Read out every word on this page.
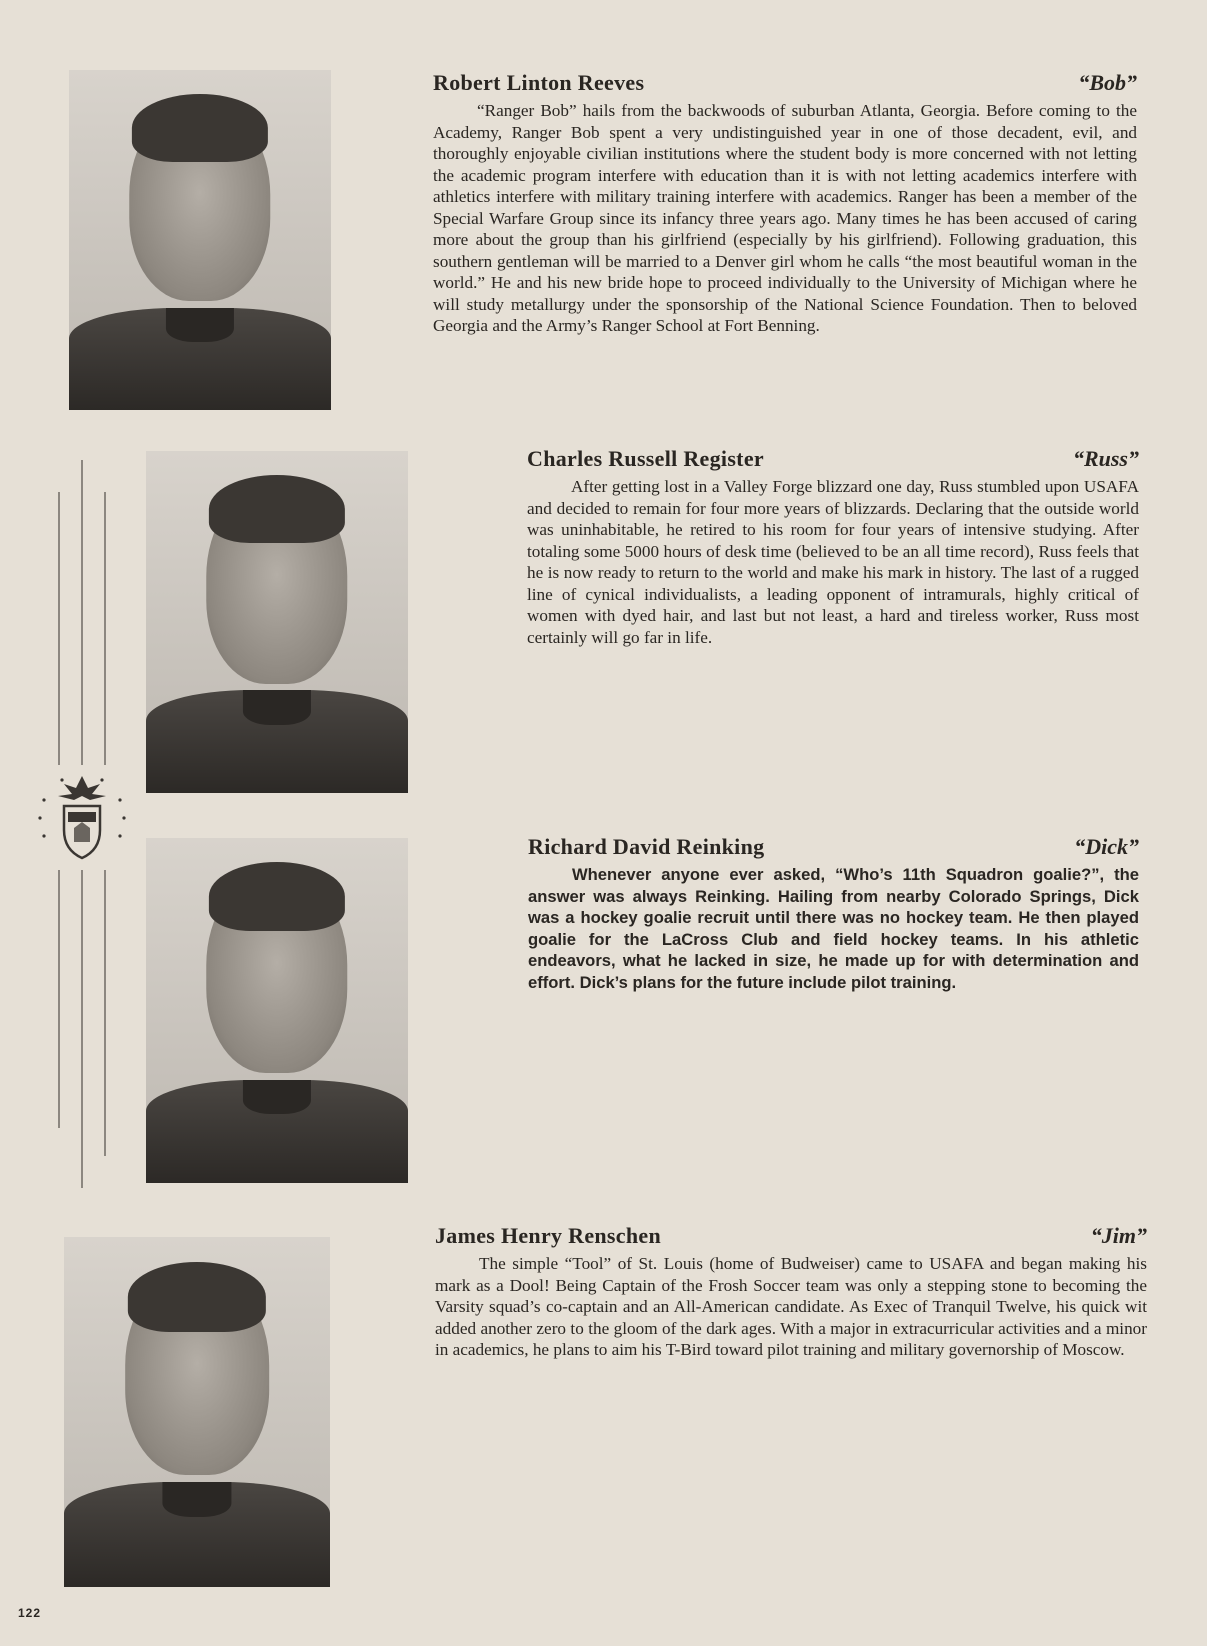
Robert Linton Reeves	“Bob”

“Ranger Bob” hails from the backwoods of suburban Atlanta, Georgia. Before coming to the Academy, Ranger Bob spent a very undistinguished year in one of those decadent, evil, and thoroughly enjoyable civilian institutions where the student body is more concerned with not letting the academic program interfere with education than it is with not letting academics interfere with athletics interfere with military training interfere with academics. Ranger has been a member of the Special Warfare Group since its infancy three years ago. Many times he has been accused of caring more about the group than his girlfriend (especially by his girlfriend). Following graduation, this southern gentleman will be married to a Denver girl whom he calls “the most beautiful woman in the world.” He and his new bride hope to proceed individually to the University of Michigan where he will study metallurgy under the sponsorship of the National Science Foundation. Then to beloved Georgia and the Army’s Ranger School at Fort Benning.

Charles Russell Register	“Russ”

After getting lost in a Valley Forge blizzard one day, Russ stumbled upon USAFA and decided to remain for four more years of blizzards. Declaring that the outside world was uninhabitable, he retired to his room for four years of intensive studying. After totaling some 5000 hours of desk time (believed to be an all time record), Russ feels that he is now ready to return to the world and make his mark in history. The last of a rugged line of cynical individualists, a leading opponent of intramurals, highly critical of women with dyed hair, and last but not least, a hard and tireless worker, Russ most certainly will go far in life.

Richard David Reinking	“Dick”

Whenever anyone ever asked, “Who’s 11th Squadron goalie?”, the answer was always Reinking. Hailing from nearby Colorado Springs, Dick was a hockey goalie recruit until there was no hockey team. He then played goalie for the LaCross Club and field hockey teams. In his athletic endeavors, what he lacked in size, he made up for with determination and effort. Dick’s plans for the future include pilot training.

James Henry Renschen	“Jim”

The simple “Tool” of St. Louis (home of Budweiser) came to USAFA and began making his mark as a Dool! Being Captain of the Frosh Soccer team was only a stepping stone to becoming the Varsity squad’s co-captain and an All-American candidate. As Exec of Tranquil Twelve, his quick wit added another zero to the gloom of the dark ages. With a major in extracurricular activities and a minor in academics, he plans to aim his T-Bird toward pilot training and military governorship of Moscow.

122
